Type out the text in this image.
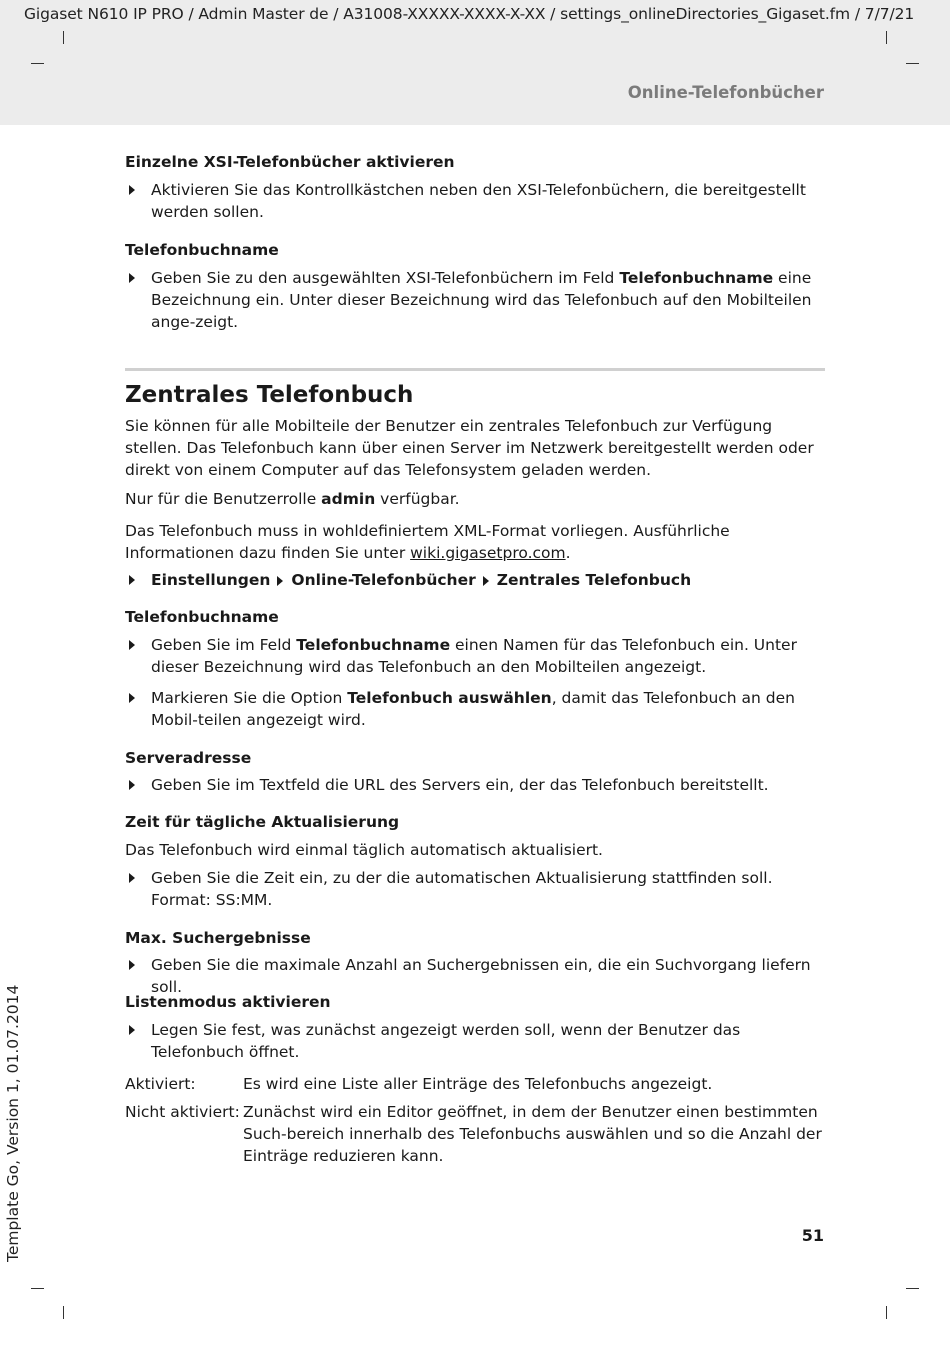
Gigaset N610 IP PRO / Admin Master de / A31008-XXXXX-XXXX-X-XX / settings_onlineDirectories_Gigaset.fm / 7/7/21
Online-Telefonbücher
Einzelne XSI-Telefonbücher aktivieren
Aktivieren Sie das Kontrollkästchen neben den XSI-Telefonbüchern, die bereitgestellt werden sollen.
Telefonbuchname
Geben Sie zu den ausgewählten XSI-Telefonbüchern im Feld Telefonbuchname eine Bezeichnung ein. Unter dieser Bezeichnung wird das Telefonbuch auf den Mobilteilen ange-zeigt.
Zentrales Telefonbuch
Sie können für alle Mobilteile der Benutzer ein zentrales Telefonbuch zur Verfügung stellen. Das Telefonbuch kann über einen Server im Netzwerk bereitgestellt werden oder direkt von einem Computer auf das Telefonsystem geladen werden.
Nur für die Benutzerrolle admin verfügbar.
Das Telefonbuch muss in wohldefiniertem XML-Format vorliegen. Ausführliche Informationen dazu finden Sie unter wiki.gigasetpro.com.
Einstellungen Online-Telefonbücher Zentrales Telefonbuch
Telefonbuchname
Geben Sie im Feld Telefonbuchname einen Namen für das Telefonbuch ein. Unter dieser Bezeichnung wird das Telefonbuch an den Mobilteilen angezeigt.
Markieren Sie die Option Telefonbuch auswählen, damit das Telefonbuch an den Mobil-teilen angezeigt wird.
Serveradresse
Geben Sie im Textfeld die URL des Servers ein, der das Telefonbuch bereitstellt.
Zeit für tägliche Aktualisierung
Das Telefonbuch wird einmal täglich automatisch aktualisiert.
Geben Sie die Zeit ein, zu der die automatischen Aktualisierung stattfinden soll. Format: SS:MM.
Max. Suchergebnisse
Geben Sie die maximale Anzahl an Suchergebnissen ein, die ein Suchvorgang liefern soll.
Listenmodus aktivieren
Legen Sie fest, was zunächst angezeigt werden soll, wenn der Benutzer das Telefonbuch öffnet.
Aktiviert:	Es wird eine Liste aller Einträge des Telefonbuchs angezeigt.
Nicht aktiviert: Zunächst wird ein Editor geöffnet, in dem der Benutzer einen bestimmten Such-bereich innerhalb des Telefonbuchs auswählen und so die Anzahl der Einträge reduzieren kann.
51
Template Go, Version 1, 01.07.2014
